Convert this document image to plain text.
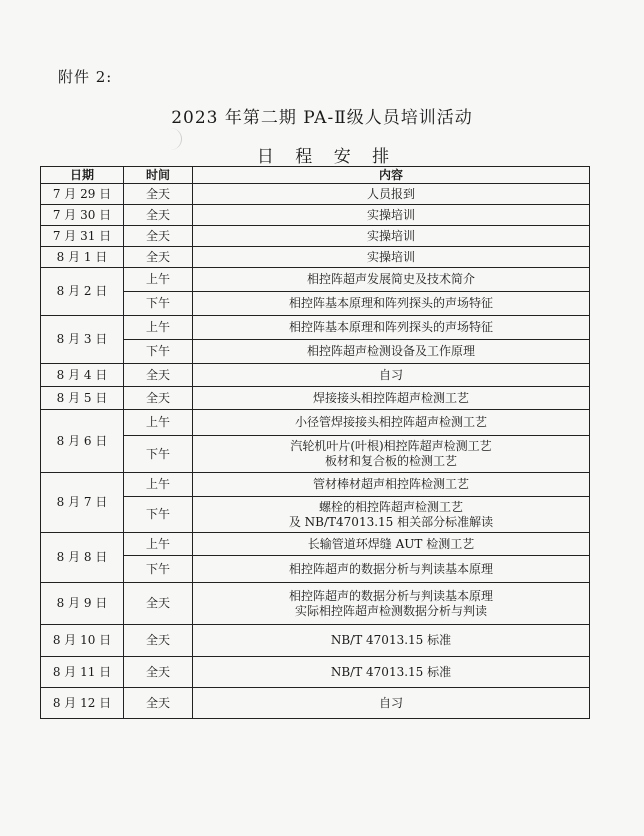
附件 2:
2023 年第二期 PA-Ⅱ级人员培训活动
日 程 安 排
日期	时间	内容
7 月 29 日	全天	人员报到
7 月 30 日	全天	实操培训
7 月 31 日	全天	实操培训
8 月 1 日	全天	实操培训
8 月 2 日	上午	相控阵超声发展简史及技术简介
	下午	相控阵基本原理和阵列探头的声场特征
8 月 3 日	上午	相控阵基本原理和阵列探头的声场特征
	下午	相控阵超声检测设备及工作原理
8 月 4 日	全天	自习
8 月 5 日	全天	焊接接头相控阵超声检测工艺
8 月 6 日	上午	小径管焊接接头相控阵超声检测工艺
	下午	汽轮机叶片(叶根)相控阵超声检测工艺
板材和复合板的检测工艺

8 月 7 日	上午	管材棒材超声相控阵检测工艺
	下午	螺栓的相控阵超声检测工艺
及 NB/T47013.15 相关部分标准解读

8 月 8 日	上午	长输管道环焊缝 AUT 检测工艺
	下午	相控阵超声的数据分析与判读基本原理
8 月 9 日	全天	相控阵超声的数据分析与判读基本原理
实际相控阵超声检测数据分析与判读

8 月 10 日	全天	NB/T 47013.15 标准
8 月 11 日	全天	NB/T 47013.15 标准
8 月 12 日	全天	自习
